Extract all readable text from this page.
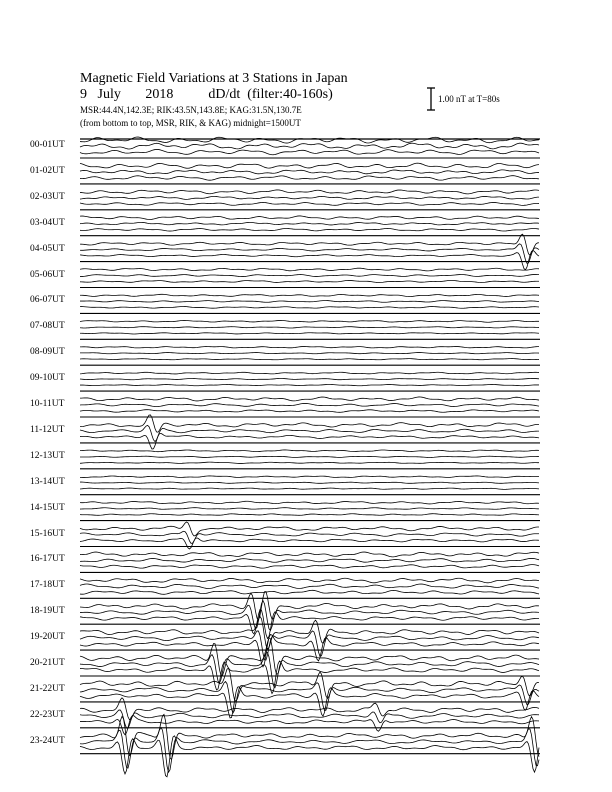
Magnetic Field Variations at 3 Stations in Japan
9 July 2018	dD/dt (filter:40-160s)
MSR:44.4N,142.3E; RIK:43.5N,143.8E; KAG:31.5N,130.7E
(from bottom to top, MSR, RIK, & KAG) midnight=1500UT
1.00 nT at T=80s
00-01UT
01-02UT
02-03UT
03-04UT
04-05UT
05-06UT
06-07UT
07-08UT
08-09UT
09-10UT
10-11UT
11-12UT
12-13UT
13-14UT
14-15UT
15-16UT
16-17UT
17-18UT
18-19UT
19-20UT
20-21UT
21-22UT
22-23UT
23-24UT
